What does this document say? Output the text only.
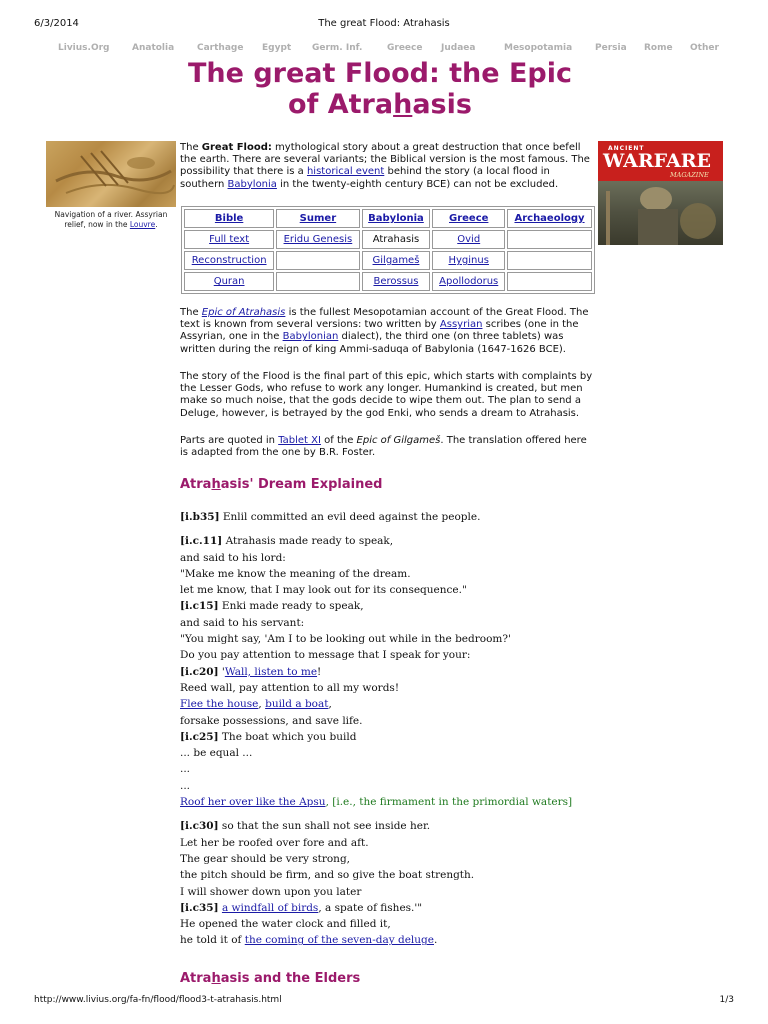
6/3/2014	The great Flood: Atrahasis
Livius.Org	Anatolia	Carthage Egypt Germ. Inf.	Greece Judaea	Mesopotamia	Persia Rome Other
The great Flood: the Epic
of Atrahasis
Navigation of a river. Assyrian relief, now in the Louvre.
ANCIENT
WARFARE
MAGAZINE
The Great Flood: mythological story about a great destruction that once befell the earth. There are several variants; the Biblical version is the most famous. The possibility that there is a historical event behind the story (a local flood in southern Babylonia in the twenty-eighth century BCE) can not be excluded.
Bible	Sumer	Babylonia	Greece	Archaeology
Full text	Eridu Genesis	Atrahasis	Ovid	
Reconstruction		Gilgameš	Hyginus	
Quran		Berossus	Apollodorus	
The Epic of Atrahasis is the fullest Mesopotamian account of the Great Flood. The text is known from several versions: two written by Assyrian scribes (one in the Assyrian, one in the Babylonian dialect), the third one (on three tablets) was written during the reign of king Ammi-saduqa of Babylonia (1647-1626 BCE).
The story of the Flood is the final part of this epic, which starts with complaints by the Lesser Gods, who refuse to work any longer. Humankind is created, but men make so much noise, that the gods decide to wipe them out. The plan to send a Deluge, however, is betrayed by the god Enki, who sends a dream to Atrahasis.
Parts are quoted in Tablet XI of the Epic of Gilgameš. The translation offered here is adapted from the one by B.R. Foster.
Atrahasis' Dream Explained
[i.b35] Enlil committed an evil deed against the people.
[i.c.11] Atrahasis made ready to speak,
and said to his lord:
"Make me know the meaning of the dream.
let me know, that I may look out for its consequence."
[i.c15] Enki made ready to speak,
and said to his servant:
"You might say, 'Am I to be looking out while in the bedroom?'
Do you pay attention to message that I speak for your:
[i.c20] 'Wall, listen to me!
Reed wall, pay attention to all my words!
Flee the house, build a boat,
forsake possessions, and save life.
[i.c25] The boat which you build
... be equal ...
...
...
Roof her over like the Apsu, [i.e., the firmament in the primordial waters]
[i.c30] so that the sun shall not see inside her.
Let her be roofed over fore and aft.
The gear should be very strong,
the pitch should be firm, and so give the boat strength.
I will shower down upon you later
[i.c35] a windfall of birds, a spate of fishes.'"
He opened the water clock and filled it,
he told it of the coming of the seven-day deluge.
Atrahasis and the Elders
http://www.livius.org/fa-fn/flood/flood3-t-atrahasis.html	1/3
